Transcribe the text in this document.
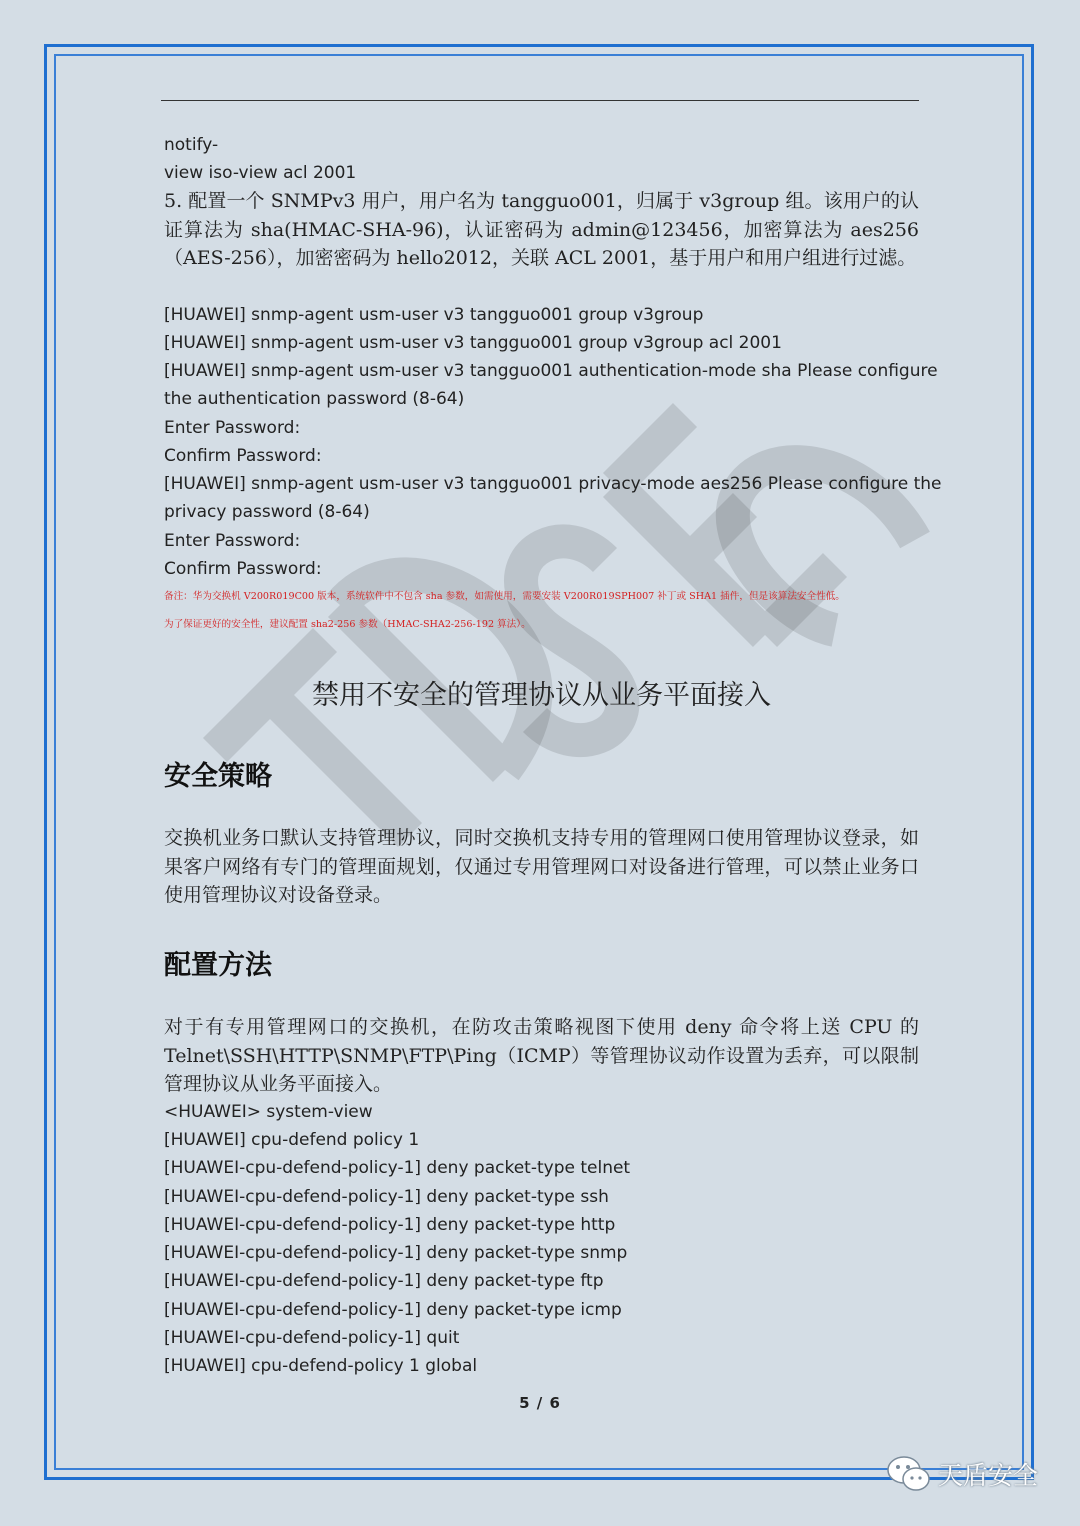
notify-
view iso-view acl 2001
5. 配置一个 SNMPv3 用户，用户名为 tangguo001，归属于 v3group 组。该用户的认证算法为 sha(HMAC-SHA-96)，认证密码为 admin@123456，加密算法为 aes256（AES-256），加密密码为 hello2012，关联 ACL 2001，基于用户和用户组进行过滤。
[HUAWEI] snmp-agent usm-user v3 tangguo001 group v3group
[HUAWEI] snmp-agent usm-user v3 tangguo001 group v3group acl 2001
[HUAWEI] snmp-agent usm-user v3 tangguo001 authentication-mode sha Please configure
the authentication password (8-64)
Enter Password:
Confirm Password:
[HUAWEI] snmp-agent usm-user v3 tangguo001 privacy-mode aes256 Please configure the
privacy password (8-64)
Enter Password:
Confirm Password:
备注：华为交换机 V200R019C00 版本，系统软件中不包含 sha 参数，如需使用，需要安装 V200R019SPH007 补丁或 SHA1 插件，但是该算法安全性低。
为了保证更好的安全性，建议配置 sha2-256 参数（HMAC-SHA2-256-192 算法）。
禁用不安全的管理协议从业务平面接入
安全策略
交换机业务口默认支持管理协议，同时交换机支持专用的管理网口使用管理协议登录，如果客户网络有专门的管理面规划，仅通过专用管理网口对设备进行管理，可以禁止业务口使用管理协议对设备登录。
配置方法
对于有专用管理网口的交换机，在防攻击策略视图下使用 deny 命令将上送 CPU 的 Telnet\SSH\HTTP\SNMP\FTP\Ping（ICMP）等管理协议动作设置为丢弃，可以限制管理协议从业务平面接入。
<HUAWEI> system-view
[HUAWEI] cpu-defend policy 1
[HUAWEI-cpu-defend-policy-1] deny packet-type telnet
[HUAWEI-cpu-defend-policy-1] deny packet-type ssh
[HUAWEI-cpu-defend-policy-1] deny packet-type http
[HUAWEI-cpu-defend-policy-1] deny packet-type snmp
[HUAWEI-cpu-defend-policy-1] deny packet-type ftp
[HUAWEI-cpu-defend-policy-1] deny packet-type icmp
[HUAWEI-cpu-defend-policy-1] quit
[HUAWEI] cpu-defend-policy 1 global
5 / 6
天盾安全
